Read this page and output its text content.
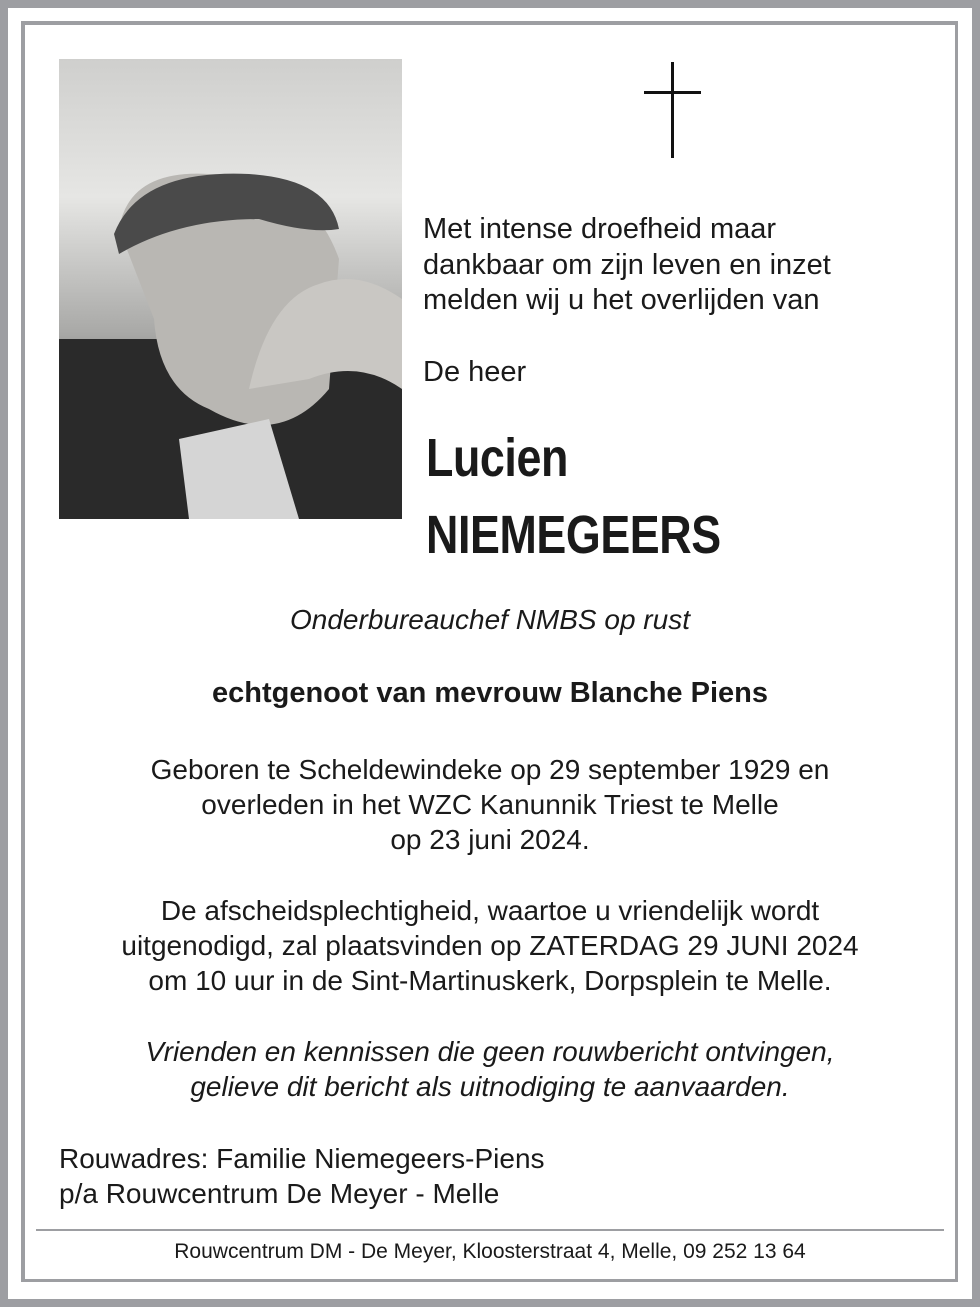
Met intense droefheid maar
dankbaar om zijn leven en inzet
melden wij u het overlijden van
De heer
Lucien
NIEMEGEERS
Onderbureauchef NMBS op rust
echtgenoot van mevrouw Blanche Piens
Geboren te Scheldewindeke op 29 september 1929 en
overleden in het WZC Kanunnik Triest te Melle
op 23 juni 2024.
De afscheidsplechtigheid, waartoe u vriendelijk wordt
uitgenodigd, zal plaatsvinden op ZATERDAG 29 JUNI 2024
om 10 uur in de Sint-Martinuskerk, Dorpsplein te Melle.
Vrienden en kennissen die geen rouwbericht ontvingen,
gelieve dit bericht als uitnodiging te aanvaarden.
Rouwadres: Familie Niemegeers-Piens
p/a Rouwcentrum De Meyer - Melle
Rouwcentrum DM - De Meyer, Kloosterstraat 4, Melle, 09 252 13 64
